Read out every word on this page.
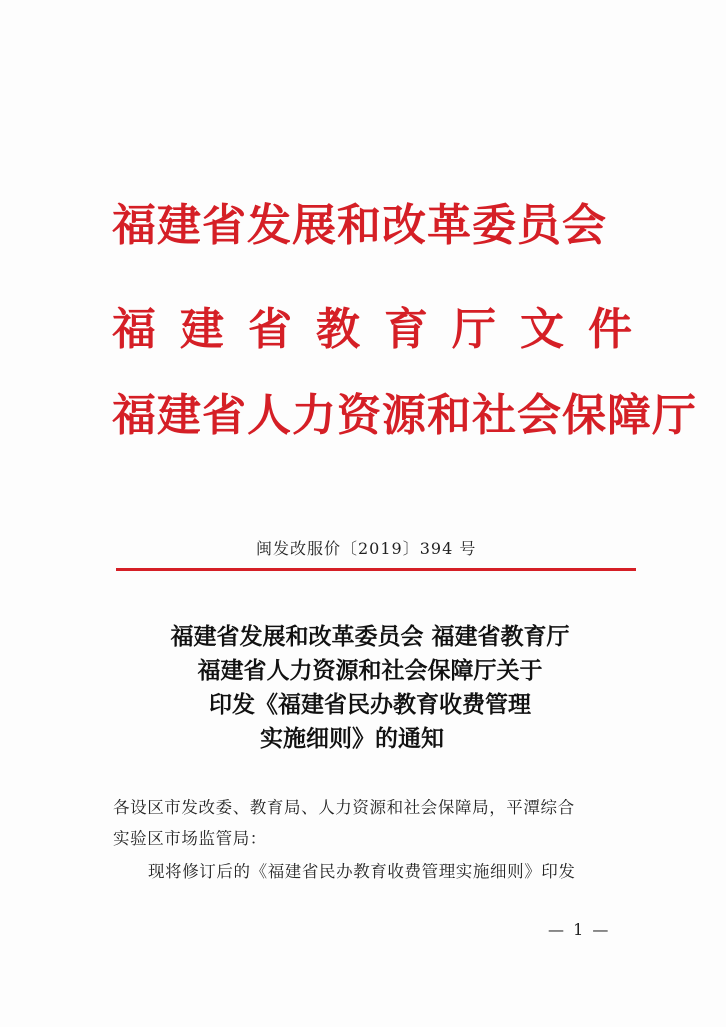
福建省发展和改革委员会
福 建 省 教 育 厅 文 件
福建省人力资源和社会保障厅
闽发改服价〔2019〕394 号
福建省发展和改革委员会 福建省教育厅
福建省人力资源和社会保障厅关于
印发《福建省民办教育收费管理
实施细则》的通知
各设区市发改委、教育局、人力资源和社会保障局，平潭综合
实验区市场监管局：
现将修订后的《福建省民办教育收费管理实施细则》印发
— 1 —
